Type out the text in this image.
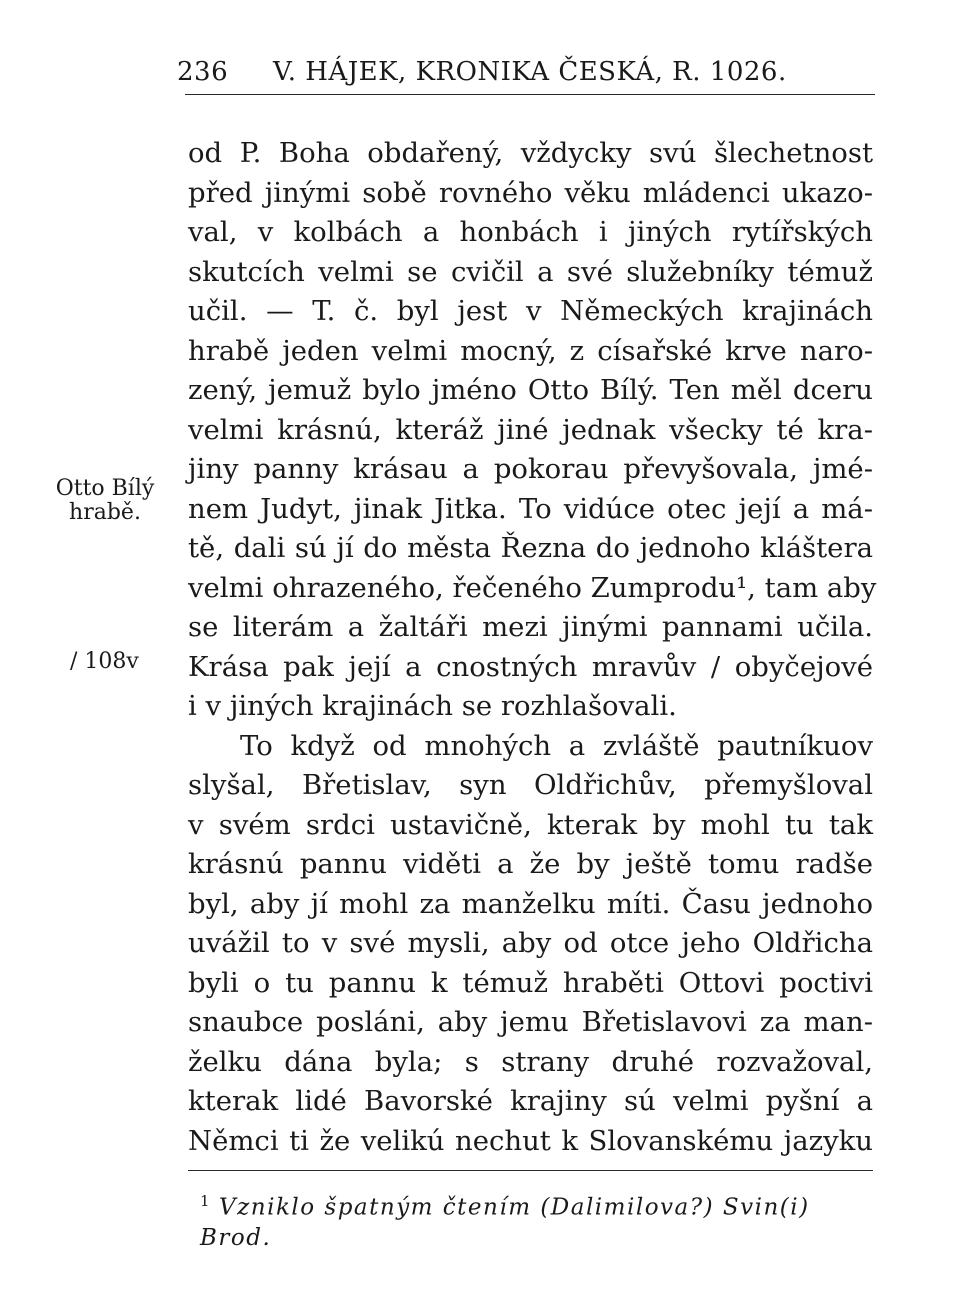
236 V. HÁJEK, KRONIKA ČESKÁ, R. 1026.
Otto Bílý
hrabě.
/ 108v
od P. Boha obdařený, vždycky svú šlechetnost
před jinými sobě rovného věku mládenci ukazo-
val, v kolbách a honbách i jiných rytířských
skutcích velmi se cvičil a své služebníky témuž
učil. — T. č. byl jest v Německých krajinách
hrabě jeden velmi mocný, z císařské krve naro-
zený, jemuž bylo jméno Otto Bílý. Ten měl dceru
velmi krásnú, kteráž jiné jednak všecky té kra-
jiny panny krásau a pokorau převyšovala, jmé-
nem Judyt, jinak Jitka. To vidúce otec její a má-
tě, dali sú jí do města Řezna do jednoho kláštera
velmi ohrazeného, řečeného Zumprodu¹, tam aby
se literám a žaltáři mezi jinými pannami učila.
Krása pak její a cnostných mravův / obyčejové
i v jiných krajinách se rozhlašovali.
To když od mnohých a zvláště pautníkuov
slyšal, Břetislav, syn Oldřichův, přemyšloval
v svém srdci ustavičně, kterak by mohl tu tak
krásnú pannu viděti a že by ještě tomu radše
byl, aby jí mohl za manželku míti. Času jednoho
uvážil to v své mysli, aby od otce jeho Oldřicha
byli o tu pannu k témuž hraběti Ottovi poctivi
snaubce posláni, aby jemu Břetislavovi za man-
želku dána byla; s strany druhé rozvažoval,
kterak lidé Bavorské krajiny sú velmi pyšní a
Němci ti že velikú nechut k Slovanskému jazyku
$^1$ Vzniklo špatným čtením (Dalimilova?) Svin(i) Brod.
